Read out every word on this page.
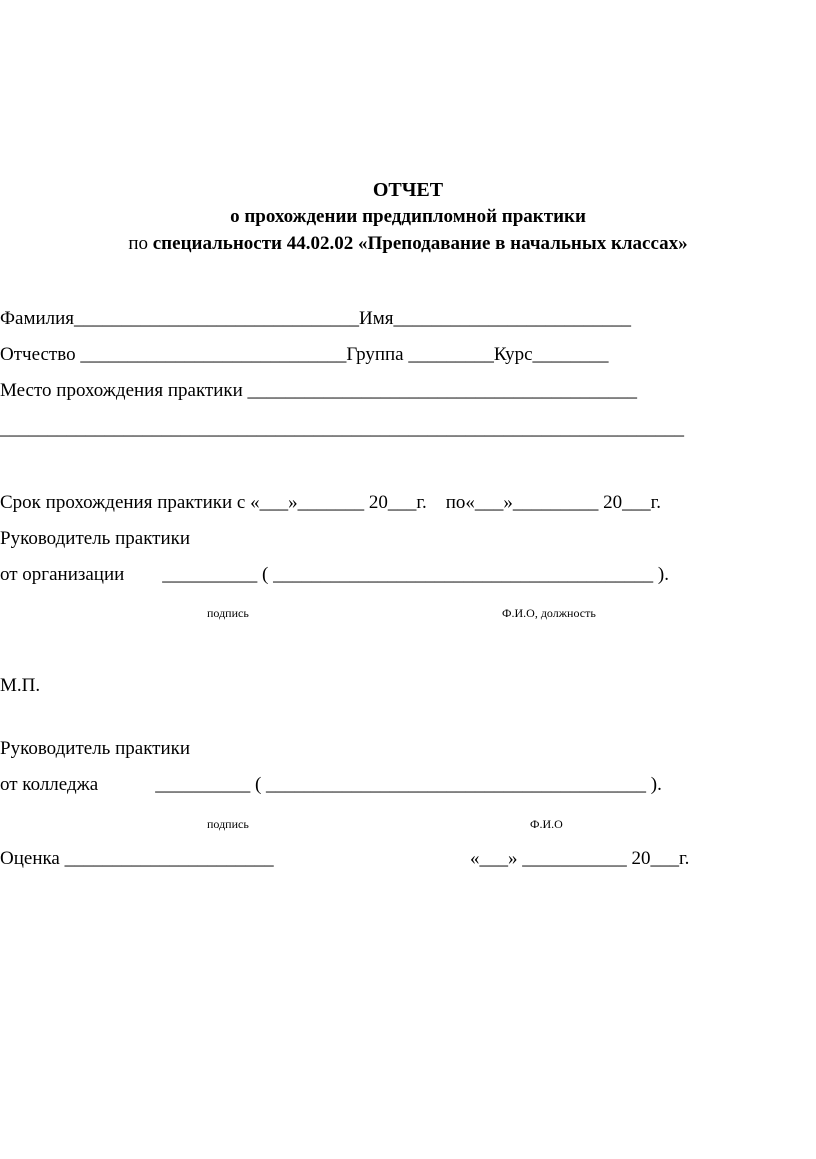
ОТЧЕТ
о прохождении преддипломной практики
по специальности 44.02.02 «Преподавание в начальных классах»
Фамилия______________________________Имя_________________________
Отчество ____________________________Группа _________Курс________
Место прохождения практики _________________________________________
________________________________________________________________________
Срок прохождения практики с «___»_______ 20___г.    по«___»_________ 20___г.
Руководитель практики
от организации        __________ ( ________________________________________ ).
подпись	Ф.И.О, должность
М.П.
Руководитель практики
от колледжа            __________ ( ________________________________________ ).
подпись	Ф.И.О
Оценка ______________________	«___» ___________ 20___г.
